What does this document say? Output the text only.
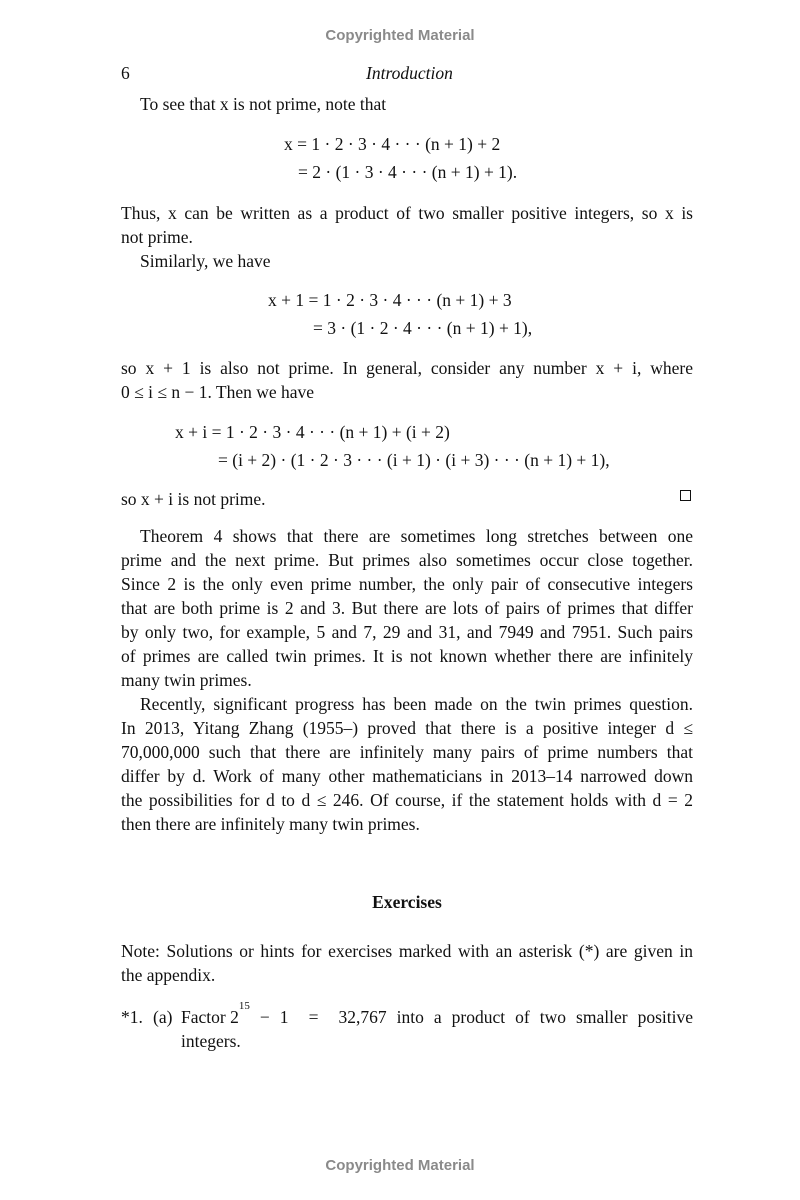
Copyrighted Material
6	Introduction
To see that x is not prime, note that
x = 1 · 2 · 3 · 4 · · · (n + 1) + 2
= 2 · (1 · 3 · 4 · · · (n + 1) + 1).
Thus, x can be written as a product of two smaller positive integers, so x is
not prime.
Similarly, we have
x + 1 = 1 · 2 · 3 · 4 · · · (n + 1) + 3
= 3 · (1 · 2 · 4 · · · (n + 1) + 1),
so x + 1 is also not prime. In general, consider any number x + i, where
0 ≤ i ≤ n − 1. Then we have
x + i = 1 · 2 · 3 · 4 · · · (n + 1) + (i + 2)
= (i + 2) · (1 · 2 · 3 · · · (i + 1) · (i + 3) · · · (n + 1) + 1),
so x + i is not prime.
Theorem 4 shows that there are sometimes long stretches between one
prime and the next prime. But primes also sometimes occur close together.
Since 2 is the only even prime number, the only pair of consecutive integers
that are both prime is 2 and 3. But there are lots of pairs of primes that differ
by only two, for example, 5 and 7, 29 and 31, and 7949 and 7951. Such pairs
of primes are called twin primes. It is not known whether there are infinitely
many twin primes.
Recently, significant progress has been made on the twin primes question.
In 2013, Yitang Zhang (1955–) proved that there is a positive integer d ≤
70,000,000 such that there are infinitely many pairs of prime numbers that
differ by d. Work of many other mathematicians in 2013–14 narrowed down
the possibilities for d to d ≤ 246. Of course, if the statement holds with d = 2
then there are infinitely many twin primes.
Exercises
Note: Solutions or hints for exercises marked with an asterisk (*) are given in
the appendix.
*1. (a) Factor 2
15
− 1  =  32,767 into a product of two smaller positive
integers.
Copyrighted Material
